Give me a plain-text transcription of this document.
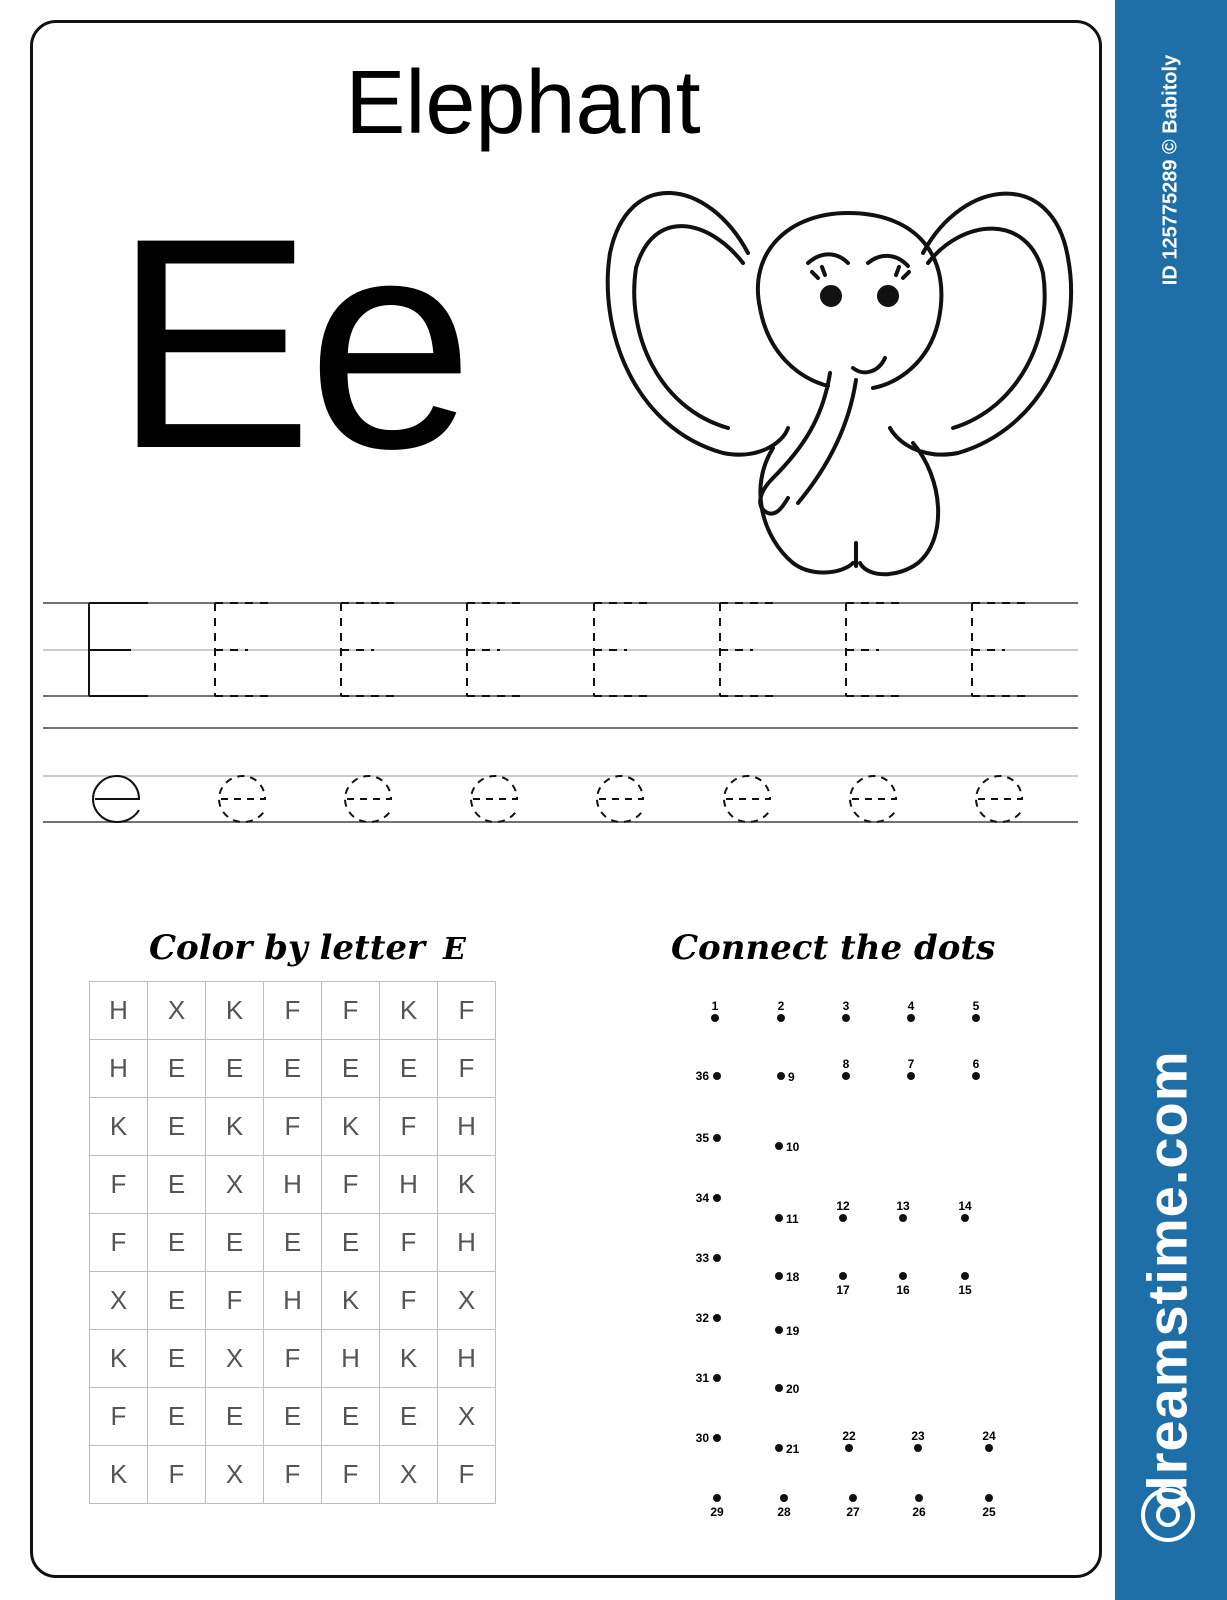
Elephant
Ee
Color by letter E
H	X	K	F	F	K	F
H	E	E	E	E	E	F
K	E	K	F	K	F	H
F	E	X	H	F	H	K
F	E	E	E	E	F	H
X	E	F	H	K	F	X
K	E	X	F	H	K	H
F	E	E	E	E	E	X
K	F	X	F	F	X	F
Connect the dots
1	2	3	4	5
6
7
8
9
10
11
12	13	14
15
16
17
18
19
20
21
22	23	24
25
26
27
28
29
30
31
32
33
34
35
36
ID 125775289 © Babitoly
dreamstime.com
